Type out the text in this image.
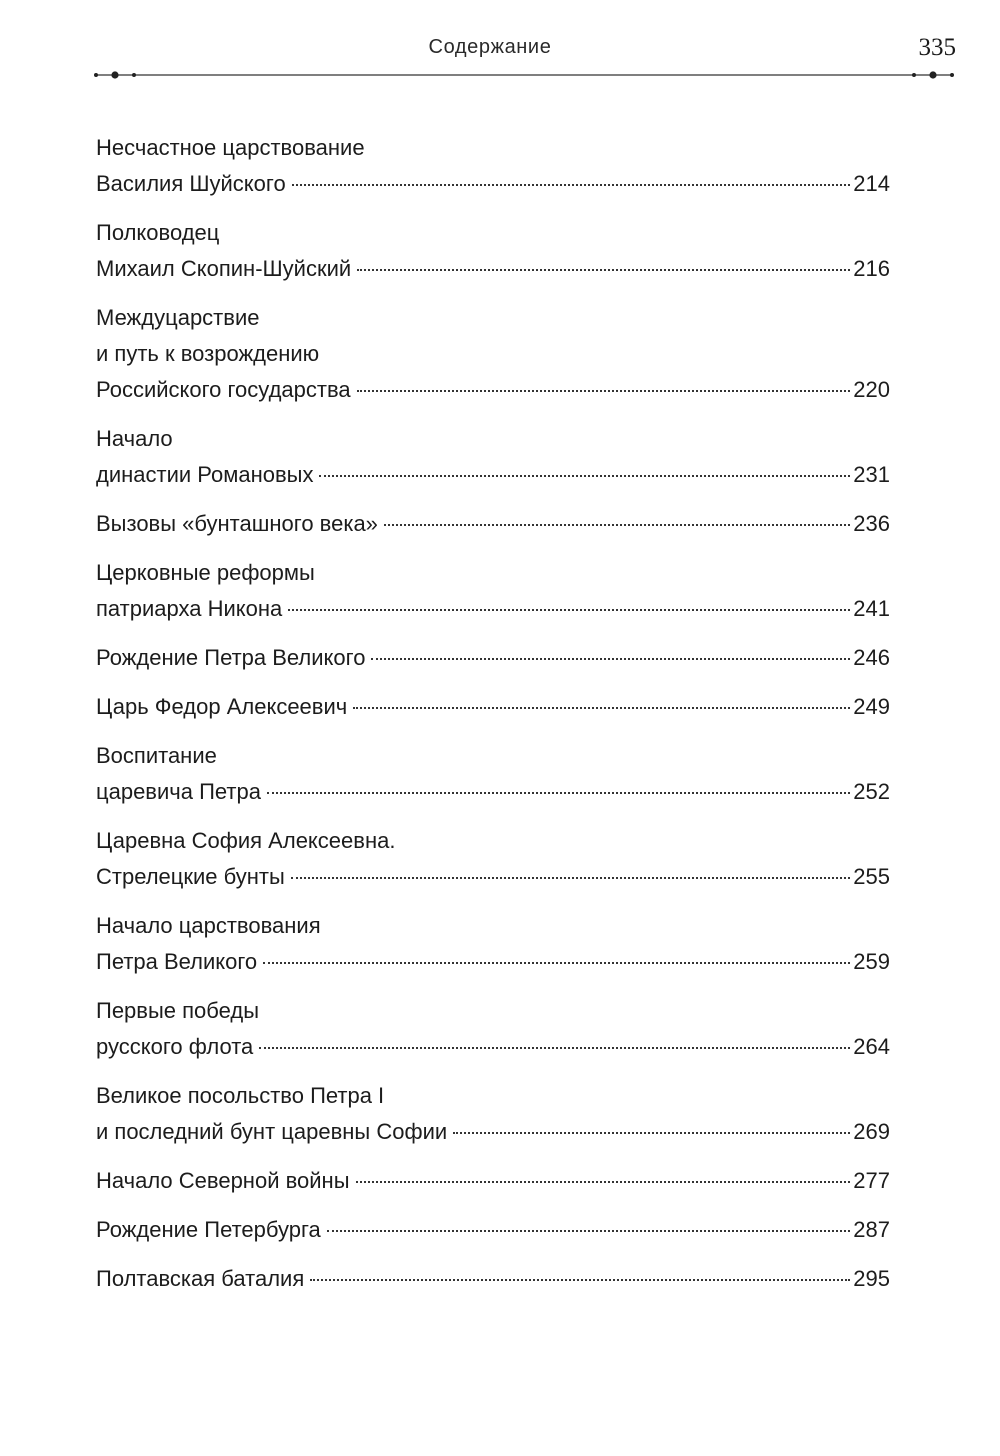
Содержание	335
Несчастное царствование
Василия Шуйского	214
Полководец
Михаил Скопин-Шуйский	216
Междуцарствие
и путь к возрождению
Российского государства	220
Начало
династии Романовых	231
Вызовы «бунташного века»	236
Церковные реформы
патриарха Никона	241
Рождение Петра Великого	246
Царь Федор Алексеевич	249
Воспитание
царевича Петра	252
Царевна София Алексеевна.
Стрелецкие бунты	255
Начало царствования
Петра Великого	259
Первые победы
русского флота	264
Великое посольство Петра I
и последний бунт царевны Софии	269
Начало Северной войны	277
Рождение Петербурга	287
Полтавская баталия	295
